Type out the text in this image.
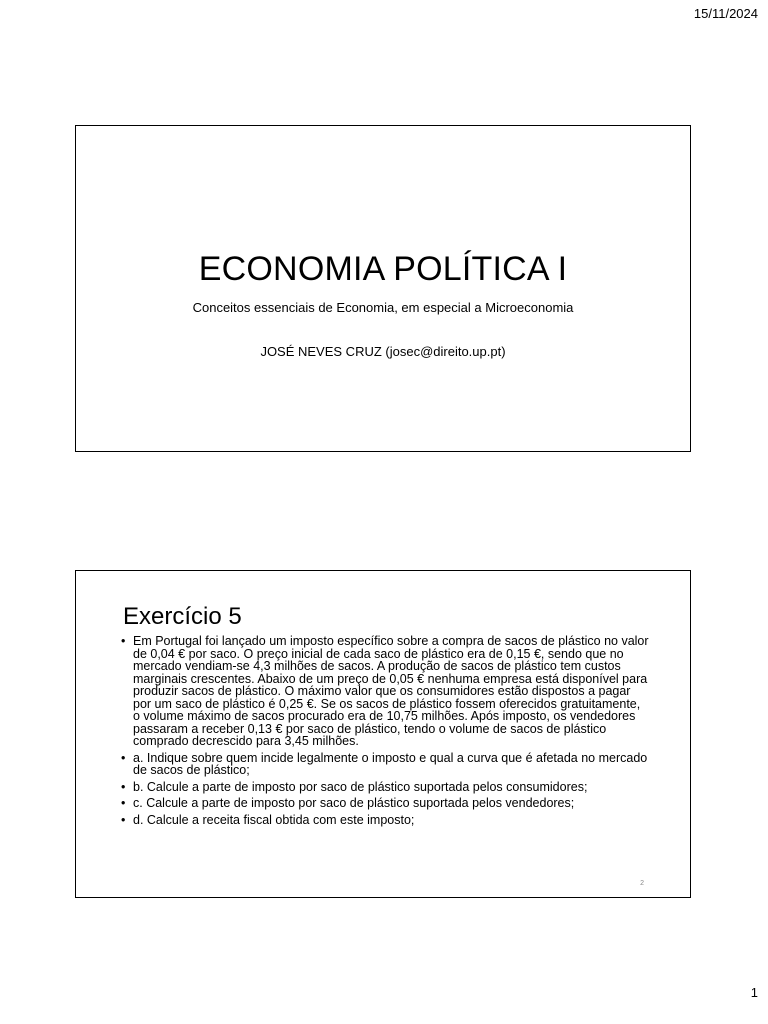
15/11/2024
ECONOMIA POLÍTICA I

Conceitos essenciais de Economia, em especial a Microeconomia

JOSÉ NEVES CRUZ (josec@direito.up.pt)

Exercício 5
• Em Portugal foi lançado um imposto específico sobre a compra de sacos de plástico no valor de 0,04 € por saco. O preço inicial de cada saco de plástico era de 0,15 €, sendo que no mercado vendiam-se 4,3 milhões de sacos. A produção de sacos de plástico tem custos marginais crescentes. Abaixo de um preço de 0,05 € nenhuma empresa está disponível para produzir sacos de plástico. O máximo valor que os consumidores estão dispostos a pagar por um saco de plástico é 0,25 €. Se os sacos de plástico fossem oferecidos gratuitamente, o volume máximo de sacos procurado era de 10,75 milhões. Após imposto, os vendedores passaram a receber 0,13 € por saco de plástico, tendo o volume de sacos de plástico comprado decrescido para 3,45 milhões.
• a. Indique sobre quem incide legalmente o imposto e qual a curva que é afetada no mercado de sacos de plástico;
• b. Calcule a parte de imposto por saco de plástico suportada pelos consumidores;
• c. Calcule a parte de imposto por saco de plástico suportada pelos vendedores;
• d. Calcule a receita fiscal obtida com este imposto;
2
1
